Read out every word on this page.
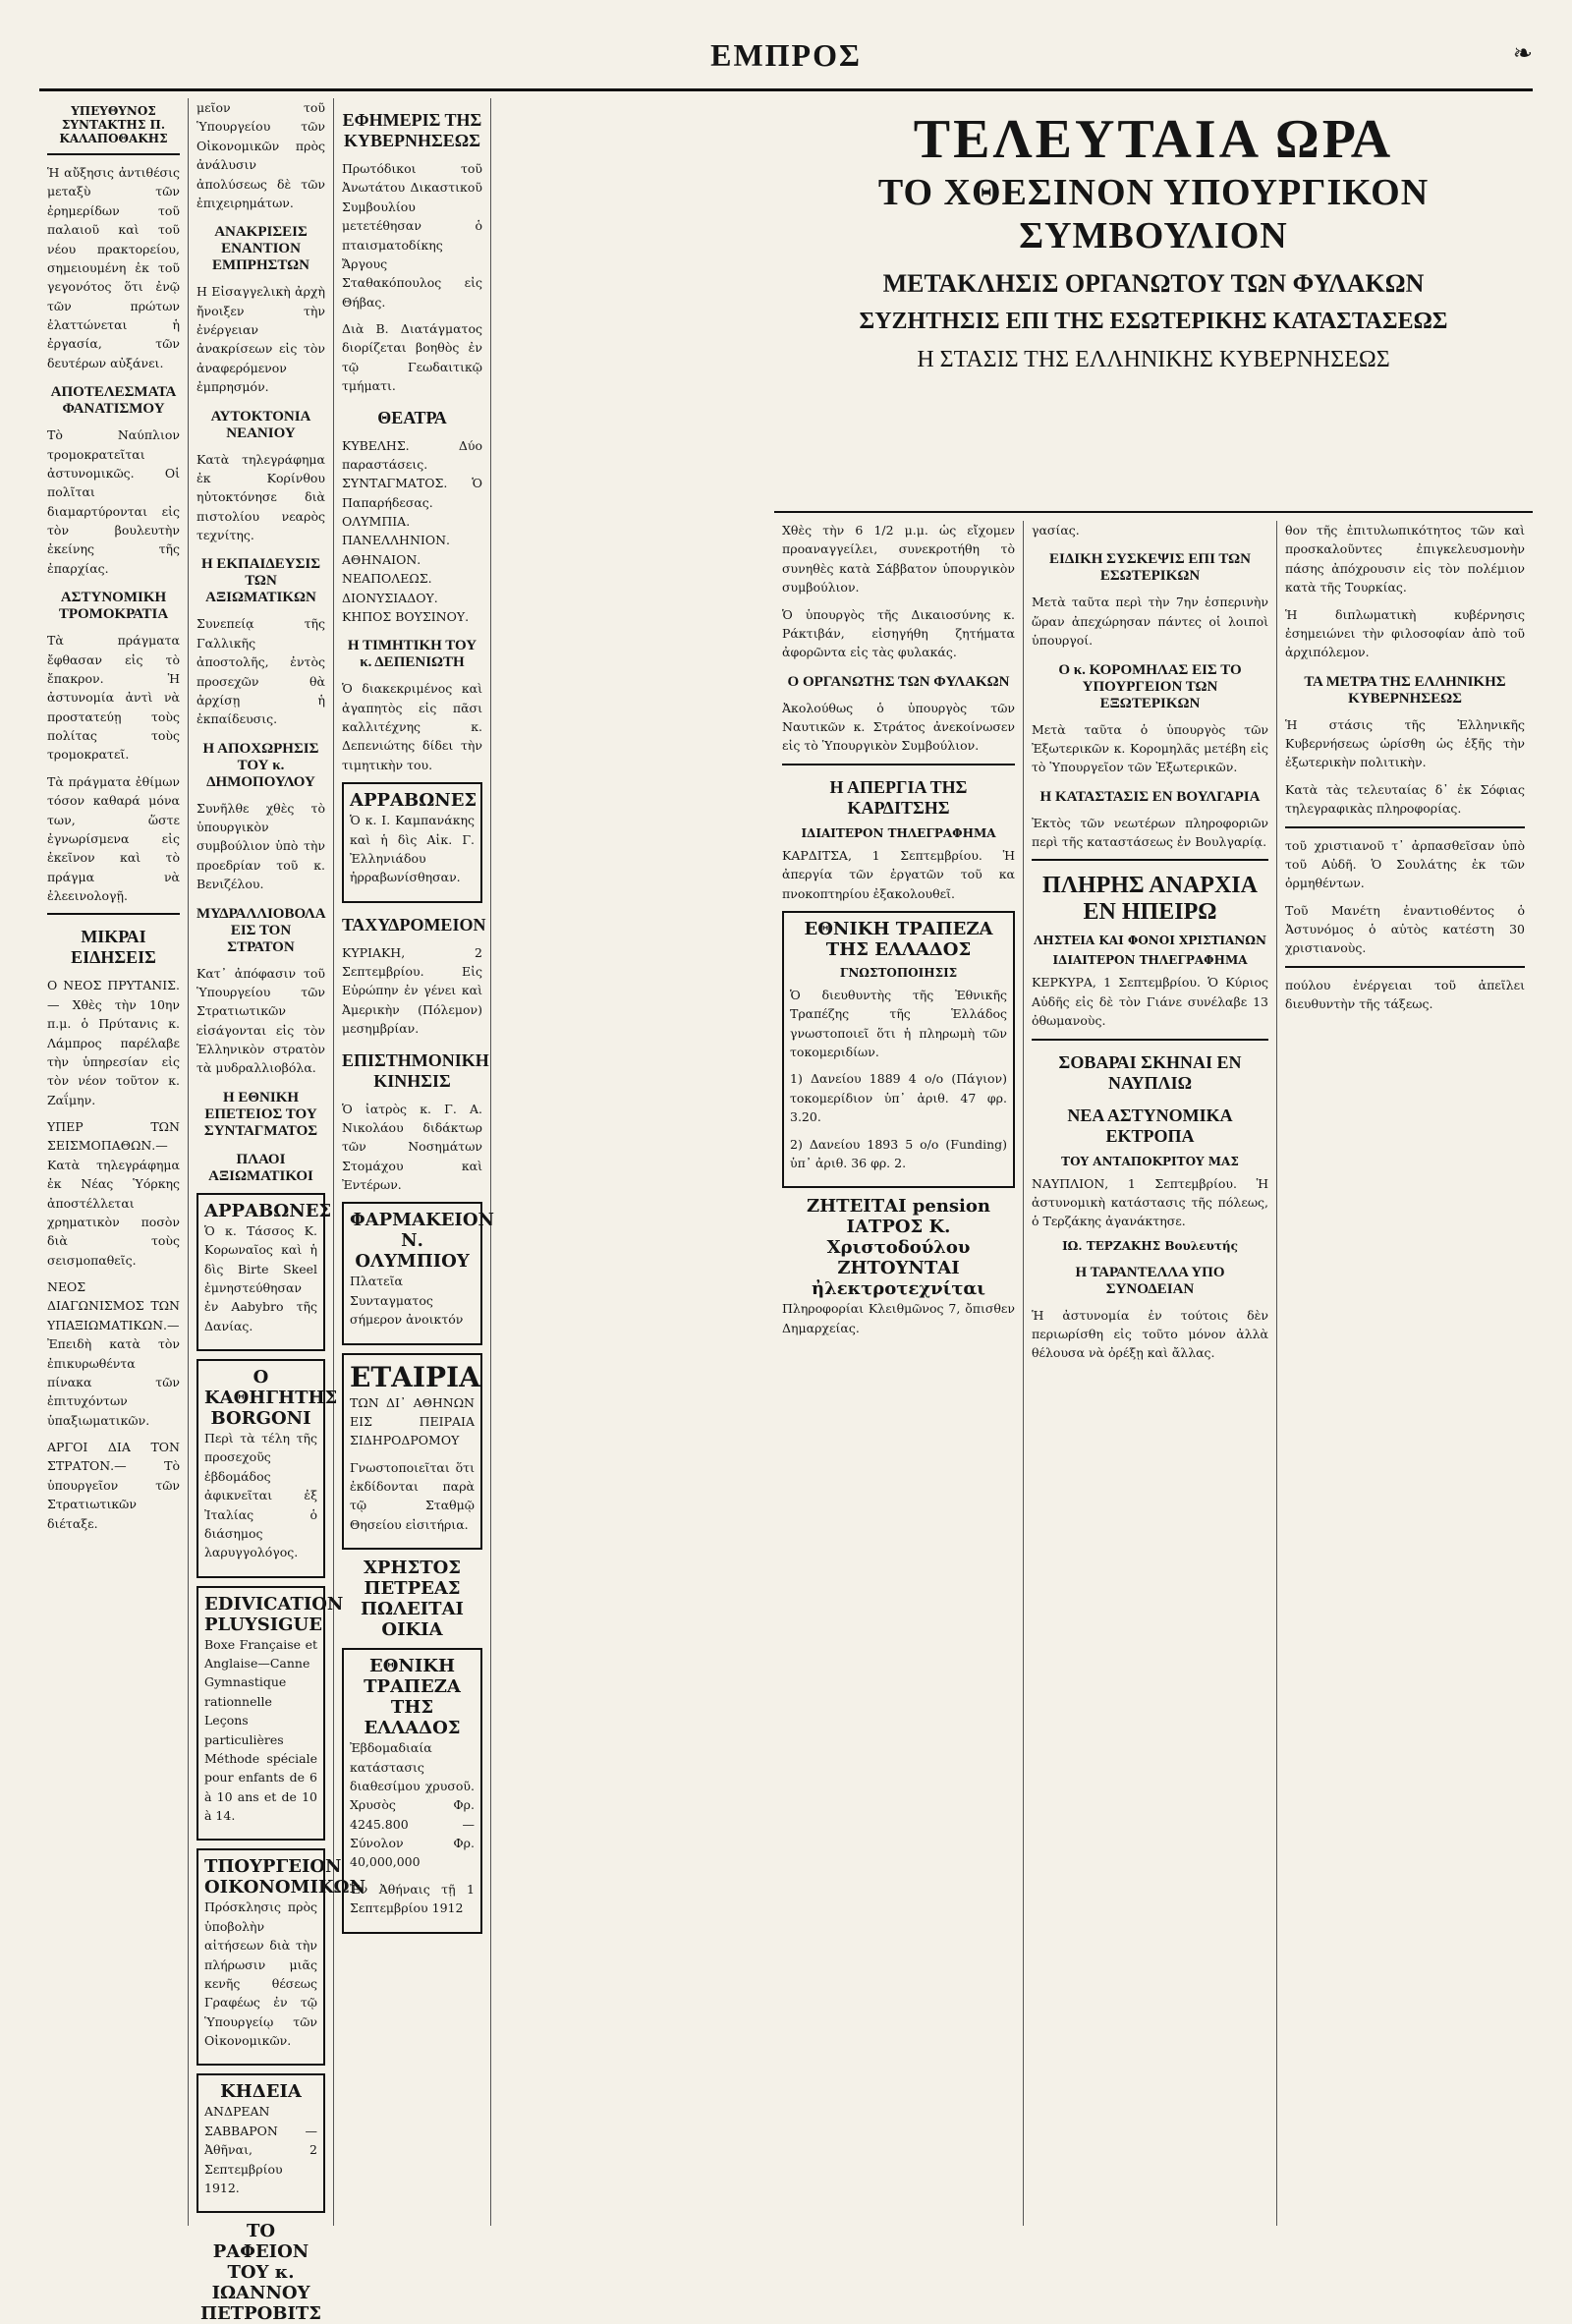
ΕΜΠΡΟΣ	❧
ΥΠΕΥΘΥΝΟΣ ΣΥΝΤΑΚΤΗΣ Π. ΚΑΛΑΠΟΘΑΚΗΣ

Ἡ αὔξησις ἀντιθέσις μεταξὺ τῶν ἐρημερίδων τοῦ παλαιοῦ καὶ τοῦ νέου πρακτορείου, σημειουμένη ἐκ τοῦ γεγονότος ὅτι ἐνῷ τῶν πρώτων ἐλαττώνεται ἡ ἐργασία, τῶν δευτέρων αὐξάνει.

ΑΠΟΤΕΛΕΣΜΑΤΑ ΦΑΝΑΤΙΣΜΟΥ

Τὸ Ναύπλιον τρομοκρατεῖται ἀστυνομικῶς. Οἱ πολῖται διαμαρτύρονται εἰς τὸν βουλευτὴν ἐκείνης τῆς ἐπαρχίας.

ΑΣΤΥΝΟΜΙΚΗ ΤΡΟΜΟΚΡΑΤΙΑ

Τὰ πράγματα ἔφθασαν εἰς τὸ ἔπακρον. Ἡ ἀστυνομία ἀντὶ νὰ προστατεύῃ τοὺς πολίτας τοὺς τρομοκρατεῖ.

Τὰ πράγματα ἐθίμων τόσον καθαρά μόνα των, ὥστε ἐγνωρίσμενα εἰς ἐκεῖνον καὶ τὸ πράγμα νὰ ἐλεεινολογῇ.

ΜΙΚΡΑΙ ΕΙΔΗΣΕΙΣ

Ο ΝΕΟΣ ΠΡΥΤΑΝΙΣ.— Χθὲς τὴν 10ην π.μ. ὁ Πρύτανις κ. Λάμπρος παρέλαβε τὴν ὑπηρεσίαν εἰς τὸν νέον τοῦτον κ. Ζαΐμην.

ΥΠΕΡ ΤΩΝ ΣΕΙΣΜΟΠΑΘΩΝ.— Κατὰ τηλεγράφημα ἐκ Νέας Ὑόρκης ἀποστέλλεται χρηματικὸν ποσὸν διὰ τοὺς σεισμοπαθεῖς.

ΝΕΟΣ ΔΙΑΓΩΝΙΣΜΟΣ ΤΩΝ ΥΠΑΞΙΩΜΑΤΙΚΩΝ.— Ἐπειδὴ κατὰ τὸν ἐπικυρωθέντα πίνακα τῶν ἐπιτυχόντων ὑπαξιωματικῶν.

ΑΡΓΟΙ ΔΙΑ ΤΟΝ ΣΤΡΑΤΟΝ.— Τὸ ὑπουργεῖον τῶν Στρατιωτικῶν διέταξε.

μεῖον τοῦ Ὑπουργείου τῶν Οἰκονομικῶν πρὸς ἀνάλυσιν ἀπολύσεως δὲ τῶν ἐπιχειρημάτων.

ΑΝΑΚΡΙΣΕΙΣ ΕΝΑΝΤΙΟΝ ΕΜΠΡΗΣΤΩΝ

Η Εἰσαγγελικὴ ἀρχὴ ἤνοιξεν τὴν ἐνέργειαν ἀνακρίσεων εἰς τὸν ἀναφερόμενον ἐμπρησμόν.

ΑΥΤΟΚΤΟΝΙΑ ΝΕΑΝΙΟΥ

Κατὰ τηλεγράφημα ἐκ Κορίνθου ηὐτοκτόνησε διὰ πιστολίου νεαρὸς τεχνίτης.

Η ΕΚΠΑΙΔΕΥΣΙΣ ΤΩΝ ΑΞΙΩΜΑΤΙΚΩΝ

Συνεπείᾳ τῆς Γαλλικῆς ἀποστολῆς, ἐντὸς προσεχῶν θὰ ἀρχίσῃ ἡ ἐκπαίδευσις.

Η ΑΠΟΧΩΡΗΣΙΣ ΤΟΥ κ. ΔΗΜΟΠΟΥΛΟΥ

Συνῆλθε χθὲς τὸ ὑπουργικὸν συμβούλιον ὑπὸ τὴν προεδρίαν τοῦ κ. Βενιζέλου.

ΜΥΔΡΑΛΛΙΟΒΟΛΑ ΕΙΣ ΤΟΝ ΣΤΡΑΤΟΝ

Κατ᾽ ἀπόφασιν τοῦ Ὑπουργείου τῶν Στρατιωτικῶν εἰσάγονται εἰς τὸν Ἑλληνικὸν στρατὸν τὰ μυδραλλιοβόλα.

Η ΕΘΝΙΚΗ ΕΠΕΤΕΙΟΣ ΤΟΥ ΣΥΝΤΑΓΜΑΤΟΣ
ΠΛΑΟΙ ΑΞΙΩΜΑΤΙΚΟΙ
ΑΡΡΑΒΩΝΕΣ

Ὁ κ. Τάσσος Κ. Κορωναῖος καὶ ἡ δὶς Birte Skeel ἐμνηστεύθησαν ἐν Aabybro τῆς Δανίας.

Ο ΚΑΘΗΓΗΤΗΣ BORGONI

Περὶ τὰ τέλη τῆς προσεχοῦς ἑβδομάδος ἀφικνεῖται ἐξ Ἰταλίας ὁ διάσημος λαρυγγολόγος.

EDIVICATION PLUYSIGUE

Boxe Française et Anglaise—Canne Gymnastique rationnelle Leçons particulières Méthode spéciale pour enfants de 6 à 10 ans et de 10 à 14.

ΤΠΟΥΡΓΕΙΟΝ ΟΙΚΟΝΟΜΙΚΩΝ

Πρόσκλησις πρὸς ὑποβολὴν αἰτήσεων διὰ τὴν πλήρωσιν μιᾶς κενῆς θέσεως Γραφέως ἐν τῷ Ὑπουργείῳ τῶν Οἰκονομικῶν.

ΚΗΔΕΙΑ

ΑΝΔΡΕΑΝ ΣΑΒΒΑΡΟΝ — Ἀθῆναι, 2 Σεπτεμβρίου 1912.

ΤΟ ΡΑΦΕΙΟΝ ΤΟΥ κ. ΙΩΑΝΝΟΥ ΠΕΤΡΟΒΙΤΣ
ΕΦΗΜΕΡΙΣ ΤΗΣ ΚΥΒΕΡΝΗΣΕΩΣ

Πρωτόδικοι τοῦ Ἀνωτάτου Δικαστικοῦ Συμβουλίου μετετέθησαν ὁ πταισματοδίκης Ἄργους Σταθακόπουλος εἰς Θήβας.

Διὰ Β. Διατάγματος διορίζεται βοηθὸς ἐν τῷ Γεωδαιτικῷ τμήματι.

ΘΕΑΤΡΑ

ΚΥΒΕΛΗΣ. Δύο παραστάσεις. ΣΥΝΤΑΓΜΑΤΟΣ. Ὁ Παπαρήδεσας. ΟΛΥΜΠΙΑ. ΠΑΝΕΛΛΗΝΙΟΝ. ΑΘΗΝΑΙΟΝ. ΝΕΑΠΟΛΕΩΣ. ΔΙΟΝΥΣΙΑΔΟΥ. ΚΗΠΟΣ ΒΟΥΣΙΝΟΥ.

Η ΤΙΜΗΤΙΚΗ ΤΟΥ κ. ΔΕΠΕΝΙΩΤΗ

Ὁ διακεκριμένος καὶ ἀγαπητὸς εἰς πᾶσι καλλιτέχνης κ. Δεπενιώτης δίδει τὴν τιμητικὴν του.

ΑΡΡΑΒΩΝΕΣ

Ὁ κ. Ι. Καμπανάκης καὶ ἡ δὶς Αἰκ. Γ. Ἐλληνιάδου ἠρραβωνίσθησαν.

ΤΑΧΥΔΡΟΜΕΙΟΝ

ΚΥΡΙΑΚΗ, 2 Σεπτεμβρίου. Εἰς Εὐρώπην ἐν γένει καὶ Ἀμερικὴν (Πόλεμον) μεσημβρίαν.

ΕΠΙΣΤΗΜΟΝΙΚΗ ΚΙΝΗΣΙΣ

Ὁ ἰατρὸς κ. Γ. Α. Νικολάου διδάκτωρ τῶν Νοσημάτων Στομάχου καὶ Ἐντέρων.

ΦΑΡΜΑΚΕΙΟΝ Ν. ΟΛΥΜΠΙΟΥ

Πλατεῖα Συνταγματος σήμερον ἀνοικτόν

ΕΤΑΙΡΙΑ

ΤΩΝ ΔΙ᾽ ΑΘΗΝΩΝ ΕΙΣ ΠΕΙΡΑΙΑ ΣΙΔΗΡΟΔΡΟΜΟΥ

Γνωστοποιεῖται ὅτι ἐκδίδονται παρὰ τῷ Σταθμῷ Θησείου εἰσιτήρια.

ΧΡΗΣΤΟΣ ΠΕΤΡΕΑΣ
ΠΩΛΕΙΤΑΙ ΟΙΚΙΑ
ΕΘΝΙΚΗ ΤΡΑΠΕΖΑ ΤΗΣ ΕΛΛΑΔΟΣ

Ἐβδομαδιαία κατάστασις διαθεσίμου χρυσοῦ. Χρυσὸς Φρ. 4245.800 — Σύνολον Φρ. 40,000,000

Ἐν Ἀθήναις τῇ 1 Σεπτεμβρίου 1912

ΤΕΛΕΥΤΑΙΑ ΩΡΑ
ΤΟ ΧΘΕΣΙΝΟΝ ΥΠΟΥΡΓΙΚΟΝ ΣΥΜΒΟΥΛΙΟΝ
ΜΕΤΑΚΛΗΣΙΣ ΟΡΓΑΝΩΤΟΥ ΤΩΝ ΦΥΛΑΚΩΝ
ΣΥΖΗΤΗΣΙΣ ΕΠΙ ΤΗΣ ΕΣΩΤΕΡΙΚΗΣ ΚΑΤΑΣΤΑΣΕΩΣ
Η ΣΤΑΣΙΣ ΤΗΣ ΕΛΛΗΝΙΚΗΣ ΚΥΒΕΡΝΗΣΕΩΣ

Χθὲς τὴν 6 1/2 μ.μ. ὡς εἴχομεν προαναγγείλει, συνεκροτήθη τὸ συνηθὲς κατὰ Σάββατον ὑπουργικὸν συμβούλιον.

Ὁ ὑπουργὸς τῆς Δικαιοσύνης κ. Ράκτιβάν, εἰσηγήθη ζητήματα ἀφορῶντα εἰς τὰς φυλακάς.

Ο ΟΡΓΑΝΩΤΗΣ ΤΩΝ ΦΥΛΑΚΩΝ

Ἀκολούθως ὁ ὑπουργὸς τῶν Ναυτικῶν κ. Στράτος ἀνεκοίνωσεν εἰς τὸ Ὑπουργικὸν Συμβούλιον.

Η ΑΠΕΡΓΙΑ ΤΗΣ ΚΑΡΔΙΤΣΗΣ
ΙΔΙΑΙΤΕΡΟΝ ΤΗΛΕΓΡΑΦΗΜΑ

ΚΑΡΔΙΤΣΑ, 1 Σεπτεμβρίου. Ἡ ἀπεργία τῶν ἐργατῶν τοῦ κα πνοκοπτηρίου ἐξακολουθεῖ.

ΕΘΝΙΚΗ ΤΡΑΠΕΖΑ ΤΗΣ ΕΛΛΑΔΟΣ
ΓΝΩΣΤΟΠΟΙΗΣΙΣ

Ὁ διευθυντὴς τῆς Ἐθνικῆς Τραπέζης τῆς Ἑλλάδος γνωστοποιεῖ ὅτι ἡ πληρωμὴ τῶν τοκομεριδίων.

1) Δανείου 1889 4 ο/ο (Πάγιον) τοκομερίδιον ὑπ᾽ ἀριθ. 47 φρ. 3.20.

2) Δανείου 1893 5 ο/ο (Funding) ὑπ᾽ ἀριθ. 36 φρ. 2.

ΖΗΤΕΙΤΑΙ pension
ΙΑΤΡΟΣ Κ. Χριστοδούλου
ΖΗΤΟΥΝΤΑΙ ἠλεκτροτεχνίται

Πληροφορίαι Κλειθμῶνος 7, ὄπισθεν Δημαρχείας.

γασίας.

ΕΙΔΙΚΗ ΣΥΣΚΕΨΙΣ ΕΠΙ ΤΩΝ ΕΣΩΤΕΡΙΚΩΝ

Μετὰ ταῦτα περὶ τὴν 7ην ἑσπερινὴν ὥραν ἀπεχώρησαν πάντες οἱ λοιποὶ ὑπουργοί.

Ο κ. ΚΟΡΟΜΗΛΑΣ ΕΙΣ ΤΟ ΥΠΟΥΡΓΕΙΟΝ ΤΩΝ ΕΞΩΤΕΡΙΚΩΝ

Μετὰ ταῦτα ὁ ὑπουργὸς τῶν Ἐξωτερικῶν κ. Κορομηλᾶς μετέβη εἰς τὸ Ὑπουργεῖον τῶν Ἐξωτερικῶν.

Η ΚΑΤΑΣΤΑΣΙΣ ΕΝ ΒΟΥΛΓΑΡΙΑ

Ἐκτὸς τῶν νεωτέρων πληροφοριῶν περὶ τῆς καταστάσεως ἐν Βουλγαρίᾳ.

ΠΛΗΡΗΣ ΑΝΑΡΧΙΑ ΕΝ ΗΠΕΙΡΩ
ΛΗΣΤΕΙΑ ΚΑΙ ΦΟΝΟΙ ΧΡΙΣΤΙΑΝΩΝ
ΙΔΙΑΙΤΕΡΟΝ ΤΗΛΕΓΡΑΦΗΜΑ

ΚΕΡΚΥΡΑ, 1 Σεπτεμβρίου. Ὁ Κύριος Αὐδῆς εἰς δὲ τὸν Γιάνε συνέλαβε 13 ὀθωμανοὺς.

ΣΟΒΑΡΑΙ ΣΚΗΝΑΙ ΕΝ ΝΑΥΠΛΙΩ
ΝΕΑ ΑΣΤΥΝΟΜΙΚΑ ΕΚΤΡΟΠΑ
ΤΟΥ ΑΝΤΑΠΟΚΡΙΤΟΥ ΜΑΣ

ΝΑΥΠΛΙΟΝ, 1 Σεπτεμβρίου. Ἡ ἀστυνομικὴ κατάστασις τῆς πόλεως, ὁ Τερζάκης ἀγανάκτησε.

ΙΩ. ΤΕΡΖΑΚΗΣ Βουλευτής
Η ΤΑΡΑΝΤΕΛΛΑ ΥΠΟ ΣΥΝΟΔΕΙΑΝ

Ἡ ἀστυνομία ἐν τούτοις δὲν περιωρίσθη εἰς τοῦτο μόνον ἀλλὰ θέλουσα νὰ ὀρέξῃ καὶ ἄλλας.

θον τῆς ἐπιτυλωπικότητος τῶν καὶ προσκαλοῦντες ἐπιγκελευσμονὴν πάσης ἀπόχρουσιν εἰς τὸν πολέμιον κατὰ τῆς Τουρκίας.

Ἡ διπλωματικὴ κυβέρνησις ἐσημειώνει τὴν φιλοσοφίαν ἀπὸ τοῦ ἀρχιπόλεμον.

ΤΑ ΜΕΤΡΑ ΤΗΣ ΕΛΛΗΝΙΚΗΣ ΚΥΒΕΡΝΗΣΕΩΣ

Ἡ στάσις τῆς Ἑλληνικῆς Κυβερνήσεως ὡρίσθη ὡς ἑξῆς τὴν ἐξωτερικὴν πολιτικὴν.

Κατὰ τὰς τελευταίας δ᾽ ἐκ Σόφιας τηλεγραφικὰς πληροφορίας.

τοῦ χριστιανοῦ τ᾽ ἀρπασθεῖσαν ὑπὸ τοῦ Αὐδῆ. Ὁ Σουλάτης ἐκ τῶν ὀρμηθέντων.

Τοῦ Μανέτη ἐναντιοθέντος ὁ Ἀστυνόμος ὁ αὐτὸς κατέστη 30 χριστιανοὺς.

πούλου ἐνέργειαι τοῦ ἀπεῖλει διευθυντὴν τῆς τάξεως.
